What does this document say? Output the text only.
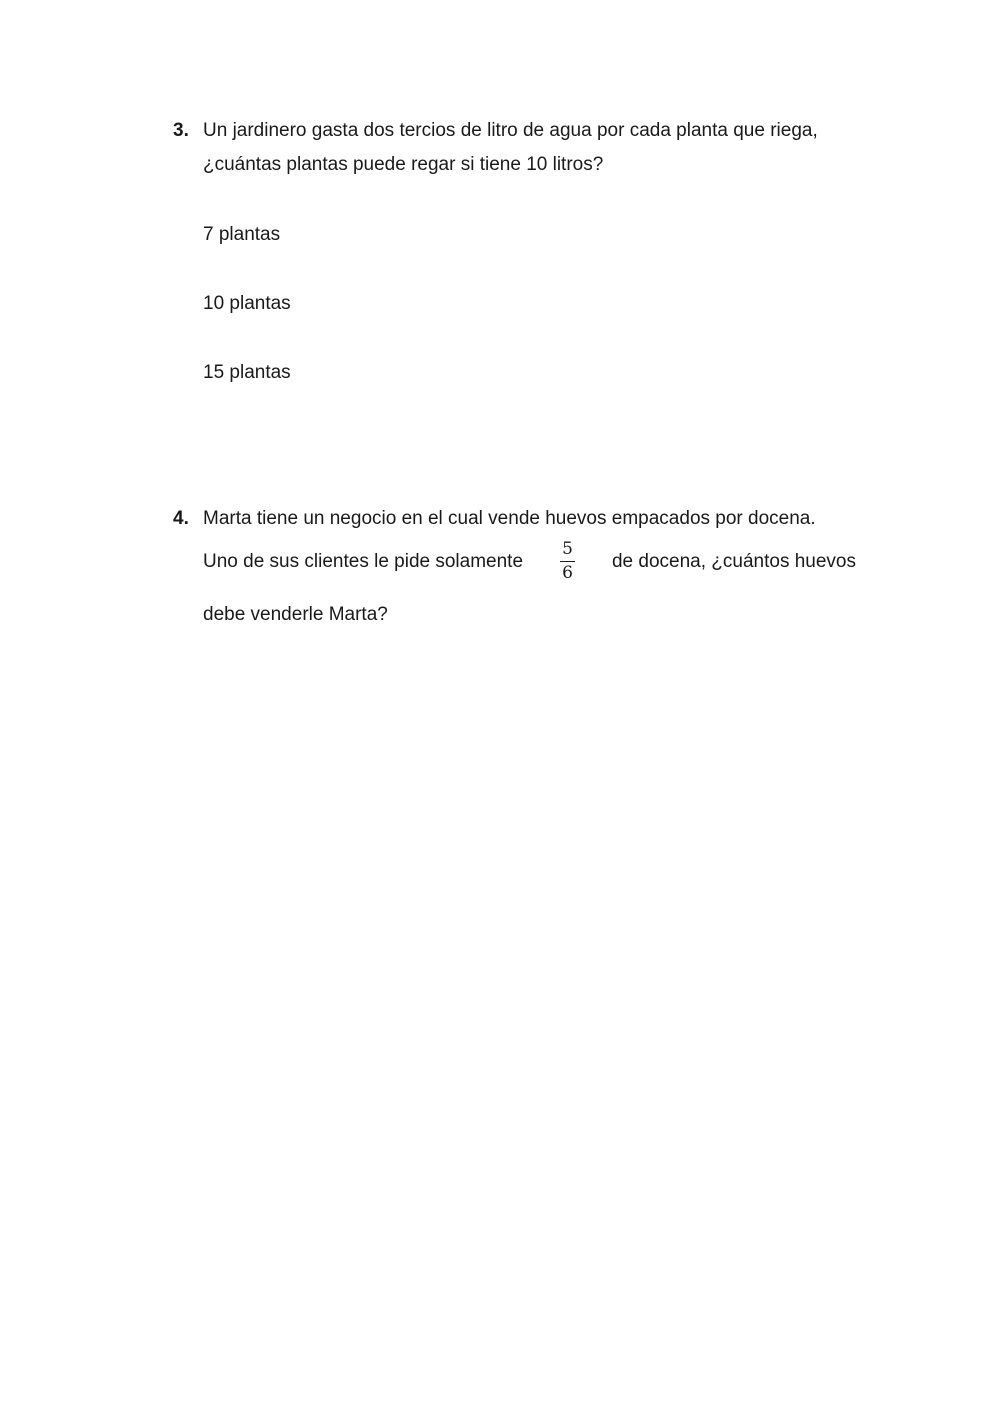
3. Un jardinero gasta dos tercios de litro de agua por cada planta que riega,
¿cuántas plantas puede regar si tiene 10 litros?
7 plantas
10 plantas
15 plantas
4. Marta tiene un negocio en el cual vende huevos empacados por docena.
Uno de sus clientes le pide solamente $\frac{5}{6}$ de docena, ¿cuántos huevos
debe venderle Marta?
